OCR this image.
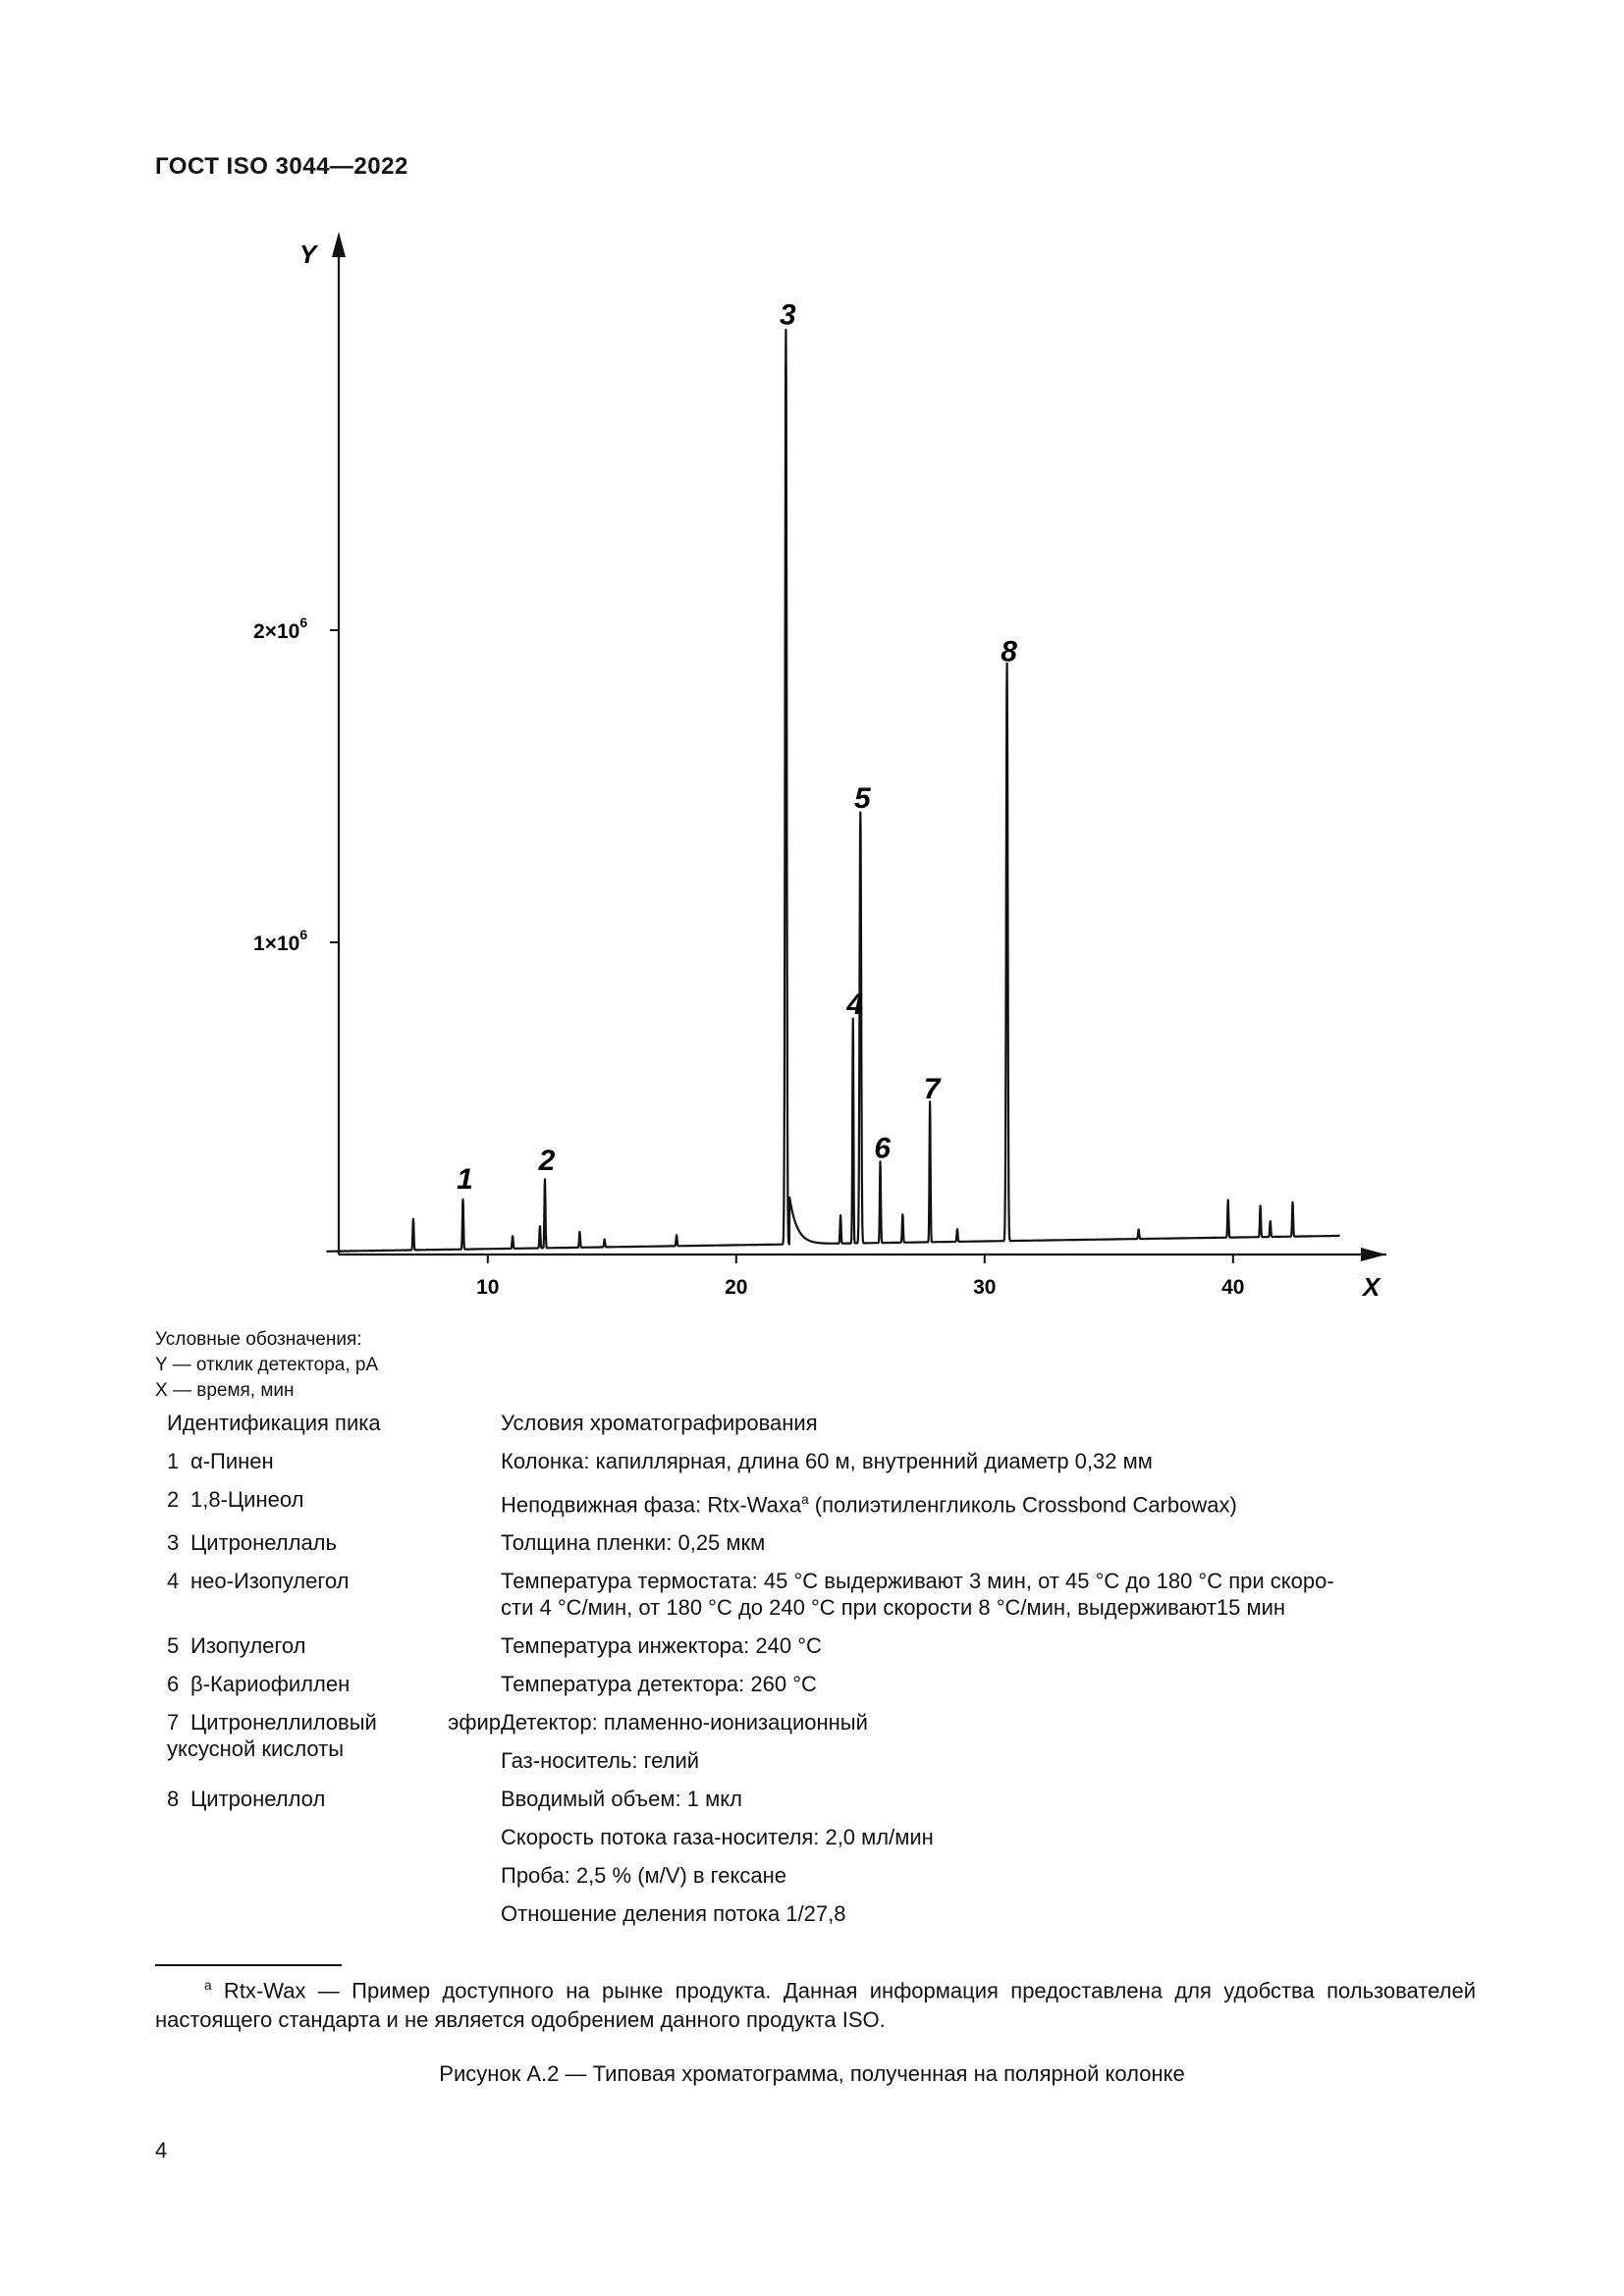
ГОСТ ISO 3044—2022
Y
X
10	20	30	40
$1\times 10^6$
$2\times 10^6$
1
2
3
4
5
6
7
8
Условные обозначения:
Y — отклик детектора, pA
X — время, мин
Идентификация пика	Условия хроматографирования
1 α-Пинен	Колонка: капиллярная, длина 60 м, внутренний диаметр 0,32 мм
2 1,8-Цинеол	Неподвижная фаза: Rtx-Waxa$^a$ (полиэтиленгликоль Crossbond Carbowax)
3 Цитронеллаль	Толщина пленки: 0,25 мкм
4 нео-Изопулегол	Температура термостата: 45 °C выдерживают 3 мин, от 45 °C до 180 °C при скоро-
сти 4 °C/мин, от 180 °C до 240 °C при скорости 8 °C/мин, выдерживают15 мин

5 Изопулегол	Температура инжектора: 240 °C
6 β-Кариофиллен	Температура детектора: 260 °C
7 Цитронеллиловый эфир уксусной кислоты	Детектор: пламенно-ионизационный
	Газ-носитель: гелий
8 Цитронеллол	Вводимый объем: 1 мкл
	Скорость потока газа-носителя: 2,0 мл/мин
	Проба: 2,5 % (м/V) в гексане
	Отношение деления потока 1/27,8
$^a$ Rtx-Wax — Пример доступного на рынке продукта. Данная информация предоставлена для удобства пользователей настоящего стандарта и не является одобрением данного продукта ISO.
Рисунок А.2 — Типовая хроматограмма, полученная на полярной колонке
4
